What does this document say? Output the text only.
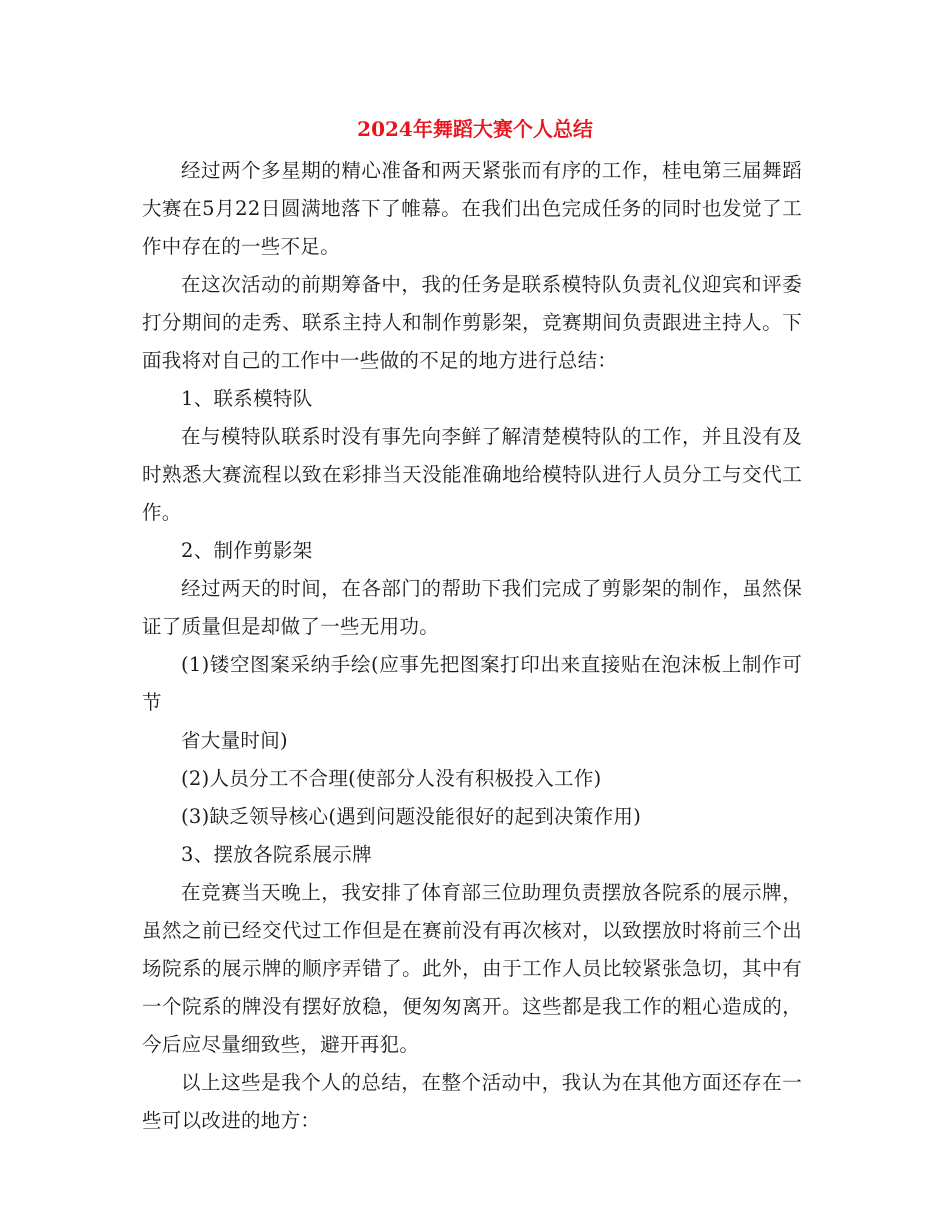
2024年舞蹈大赛个人总结

经过两个多星期的精心准备和两天紧张而有序的工作，桂电第三届舞蹈大赛在5月22日圆满地落下了帷幕。在我们出色完成任务的同时也发觉了工作中存在的一些不足。

在这次活动的前期筹备中，我的任务是联系模特队负责礼仪迎宾和评委打分期间的走秀、联系主持人和制作剪影架，竞赛期间负责跟进主持人。下面我将对自己的工作中一些做的不足的地方进行总结：

1、联系模特队

在与模特队联系时没有事先向李鲜了解清楚模特队的工作，并且没有及时熟悉大赛流程以致在彩排当天没能准确地给模特队进行人员分工与交代工作。

2、制作剪影架

经过两天的时间，在各部门的帮助下我们完成了剪影架的制作，虽然保证了质量但是却做了一些无用功。

(1)镂空图案采纳手绘(应事先把图案打印出来直接贴在泡沫板上制作可节

省大量时间)

(2)人员分工不合理(使部分人没有积极投入工作)

(3)缺乏领导核心(遇到问题没能很好的起到决策作用)

3、摆放各院系展示牌

在竞赛当天晚上，我安排了体育部三位助理负责摆放各院系的展示牌，虽然之前已经交代过工作但是在赛前没有再次核对，以致摆放时将前三个出场院系的展示牌的顺序弄错了。此外，由于工作人员比较紧张急切，其中有一个院系的牌没有摆好放稳，便匆匆离开。这些都是我工作的粗心造成的，今后应尽量细致些，避开再犯。

以上这些是我个人的总结，在整个活动中，我认为在其他方面还存在一些可以改进的地方：
